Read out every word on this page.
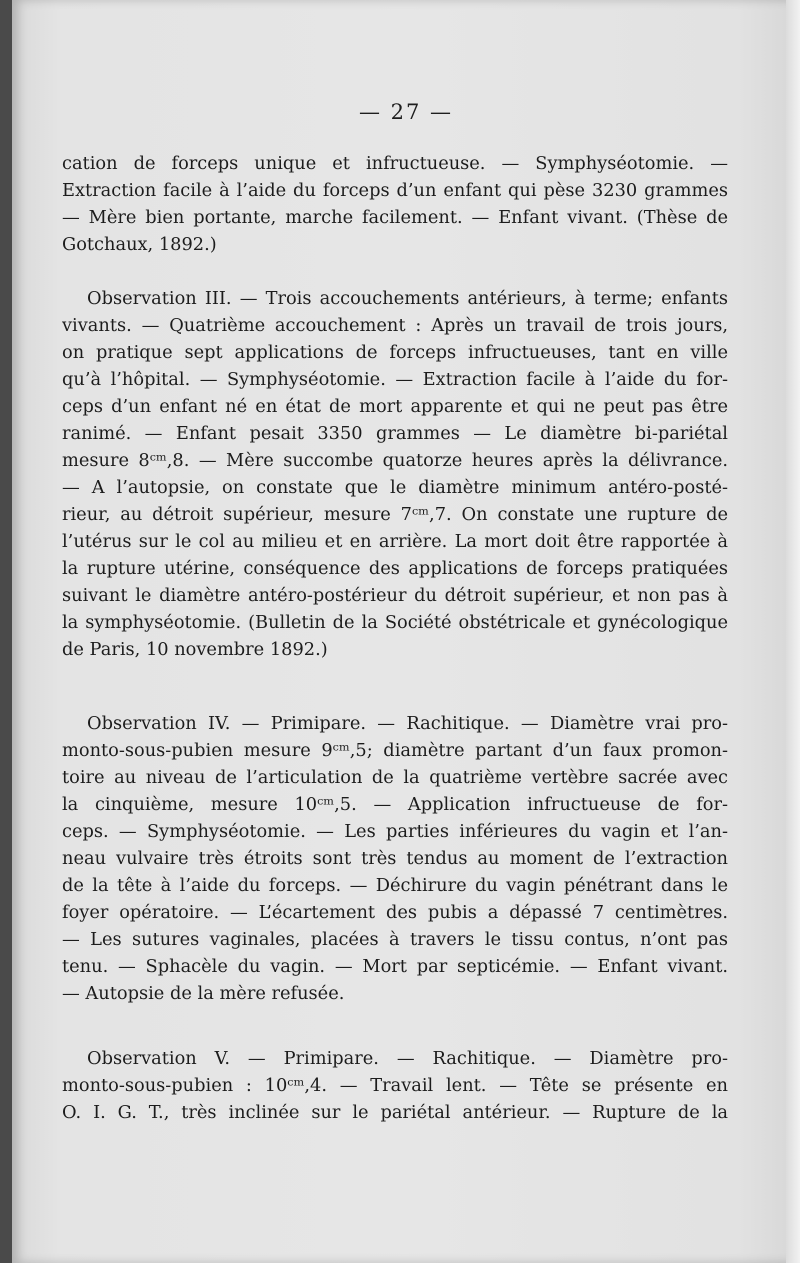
— 27 —
cation de forceps unique et infructueuse. — Symphyséotomie. —
Extraction facile à l’aide du forceps d’un enfant qui pèse 3230 grammes
— Mère bien portante, marche facilement. — Enfant vivant. (Thèse de
Gotchaux, 1892.)
Observation III. — Trois accouchements antérieurs, à terme; enfants
vivants. — Quatrième accouchement : Après un travail de trois jours,
on pratique sept applications de forceps infructueuses, tant en ville
qu’à l’hôpital. — Symphyséotomie. — Extraction facile à l’aide du for-
ceps d’un enfant né en état de mort apparente et qui ne peut pas être
ranimé. — Enfant pesait 3350 grammes — Le diamètre bi-pariétal
mesure 8ᶜᵐ,8. — Mère succombe quatorze heures après la délivrance.
— A l’autopsie, on constate que le diamètre minimum antéro-posté-
rieur, au détroit supérieur, mesure 7ᶜᵐ,7. On constate une rupture de
l’utérus sur le col au milieu et en arrière. La mort doit être rapportée à
la rupture utérine, conséquence des applications de forceps pratiquées
suivant le diamètre antéro-postérieur du détroit supérieur, et non pas à
la symphyséotomie. (Bulletin de la Société obstétricale et gynécologique
de Paris, 10 novembre 1892.)
Observation IV. — Primipare. — Rachitique. — Diamètre vrai pro-
monto-sous-pubien mesure 9ᶜᵐ,5; diamètre partant d’un faux promon-
toire au niveau de l’articulation de la quatrième vertèbre sacrée avec
la cinquième, mesure 10ᶜᵐ,5. — Application infructueuse de for-
ceps. — Symphyséotomie. — Les parties inférieures du vagin et l’an-
neau vulvaire très étroits sont très tendus au moment de l’extraction
de la tête à l’aide du forceps. — Déchirure du vagin pénétrant dans le
foyer opératoire. — L’écartement des pubis a dépassé 7 centimètres.
— Les sutures vaginales, placées à travers le tissu contus, n’ont pas
tenu. — Sphacèle du vagin. — Mort par septicémie. — Enfant vivant.
— Autopsie de la mère refusée.
Observation V. — Primipare. — Rachitique. — Diamètre pro-
monto-sous-pubien : 10ᶜᵐ,4. — Travail lent. — Tête se présente en
O. I. G. T., très inclinée sur le pariétal antérieur. — Rupture de la
